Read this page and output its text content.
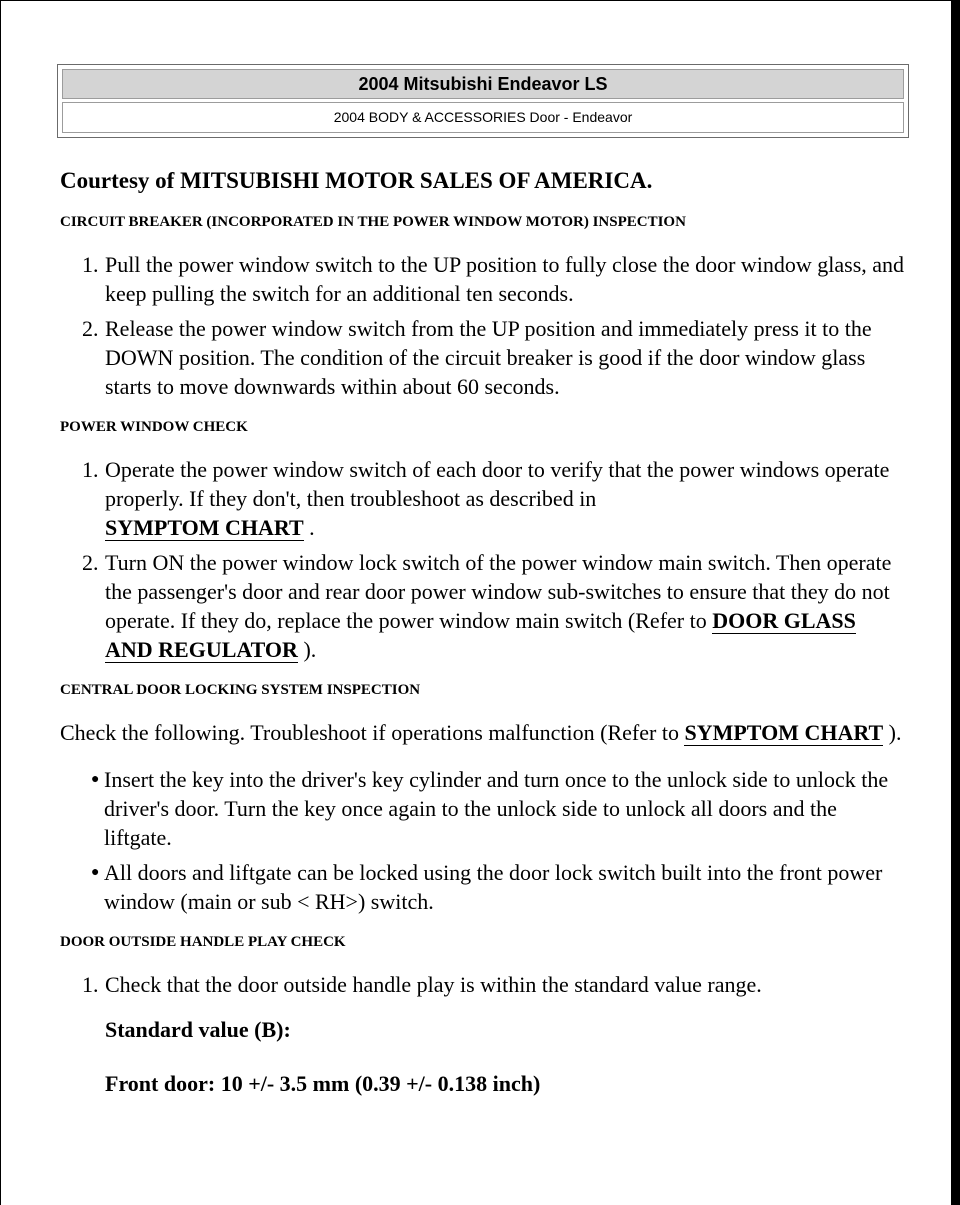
2004 Mitsubishi Endeavor LS
2004 BODY & ACCESSORIES Door - Endeavor
Courtesy of MITSUBISHI MOTOR SALES OF AMERICA.
CIRCUIT BREAKER (INCORPORATED IN THE POWER WINDOW MOTOR) INSPECTION
1. Pull the power window switch to the UP position to fully close the door window glass, and keep pulling the switch for an additional ten seconds.
2. Release the power window switch from the UP position and immediately press it to the DOWN position. The condition of the circuit breaker is good if the door window glass starts to move downwards within about 60 seconds.
POWER WINDOW CHECK
1. Operate the power window switch of each door to verify that the power windows operate properly. If they don't, then troubleshoot as described in
SYMPTOM CHART .
2. Turn ON the power window lock switch of the power window main switch. Then operate the passenger's door and rear door power window sub-switches to ensure that they do not operate. If they do, replace the power window main switch (Refer to DOOR GLASS AND REGULATOR ).
CENTRAL DOOR LOCKING SYSTEM INSPECTION

Check the following. Troubleshoot if operations malfunction (Refer to SYMPTOM CHART ).

● Insert the key into the driver's key cylinder and turn once to the unlock side to unlock the driver's door. Turn the key once again to the unlock side to unlock all doors and the liftgate.
● All doors and liftgate can be locked using the door lock switch built into the front power window (main or sub < RH>) switch.
DOOR OUTSIDE HANDLE PLAY CHECK
1. Check that the door outside handle play is within the standard value range.
Standard value (B):
Front door: 10 +/- 3.5 mm (0.39 +/- 0.138 inch)
